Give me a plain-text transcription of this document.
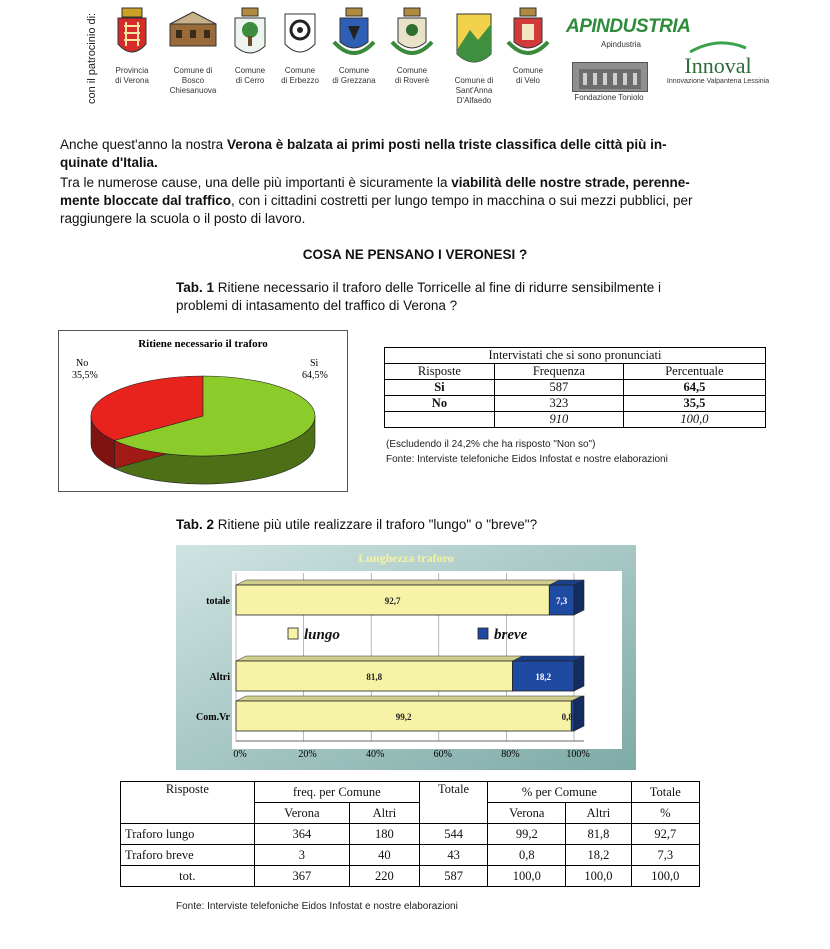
con il patrocinio di:	Provincia
di Verona
Comune di
Bosco Chiesanuova
Comune
di Cerro
Comune
di Erbezzo
Comune
di Grezzana
Comune
di Roverè	Comune di
Sant'Anna
D'Alfaedo
Comune
di Velo
APINDUSTRIA
Apindustria
Fondazione Toniolo
Innoval
Innovazione Valpantena Lessinia
Anche quest'anno la nostra Verona è balzata ai primi posti nella triste classifica delle città più in-
quinate d'Italia.
Tra le numerose cause, una delle più importanti è sicuramente la viabilità delle nostre strade, perenne-
mente bloccate dal traffico, con i cittadini costretti per lungo tempo in macchina o sui mezzi pubblici, per
raggiungere la scuola o il posto di lavoro.
COSA NE PENSANO I VERONESI ?
Tab. 1 Ritiene necessario il traforo delle Torricelle al fine di ridurre sensibilmente i
problemi di intasamento del traffico di Verona ?
Ritiene necessario il traforo
No
35,5%
Si
64,5%
Intervistati che si sono pronunciati		
Risposte	Frequenza	Percentuale
Si	587	64,5
No	323	35,5
	910	100,0
(Escludendo il 24,2% che ha risposto "Non so")
Fonte: Interviste telefoniche Eidos Infostat e nostre elaborazioni
Tab. 2 Ritiene più utile realizzare il traforo "lungo" o "breve"?
Lunghezza traforo
0%	20%	40%	60%	80%	100%
92,7	7,3
totale
81,8	18,2
Altri
99,2	0,8
Com.Vr
lungo	breve
Risposte	freq. per Comune		Totale	% per Comune		Totale
	Verona	Altri		Verona	Altri	%
Traforo lungo	364	180	544	99,2	81,8	92,7
Traforo breve	3	40	43	0,8	18,2	7,3
tot.	367	220	587	100,0	100,0	100,0
Fonte: Interviste telefoniche Eidos Infostat e nostre elaborazioni
